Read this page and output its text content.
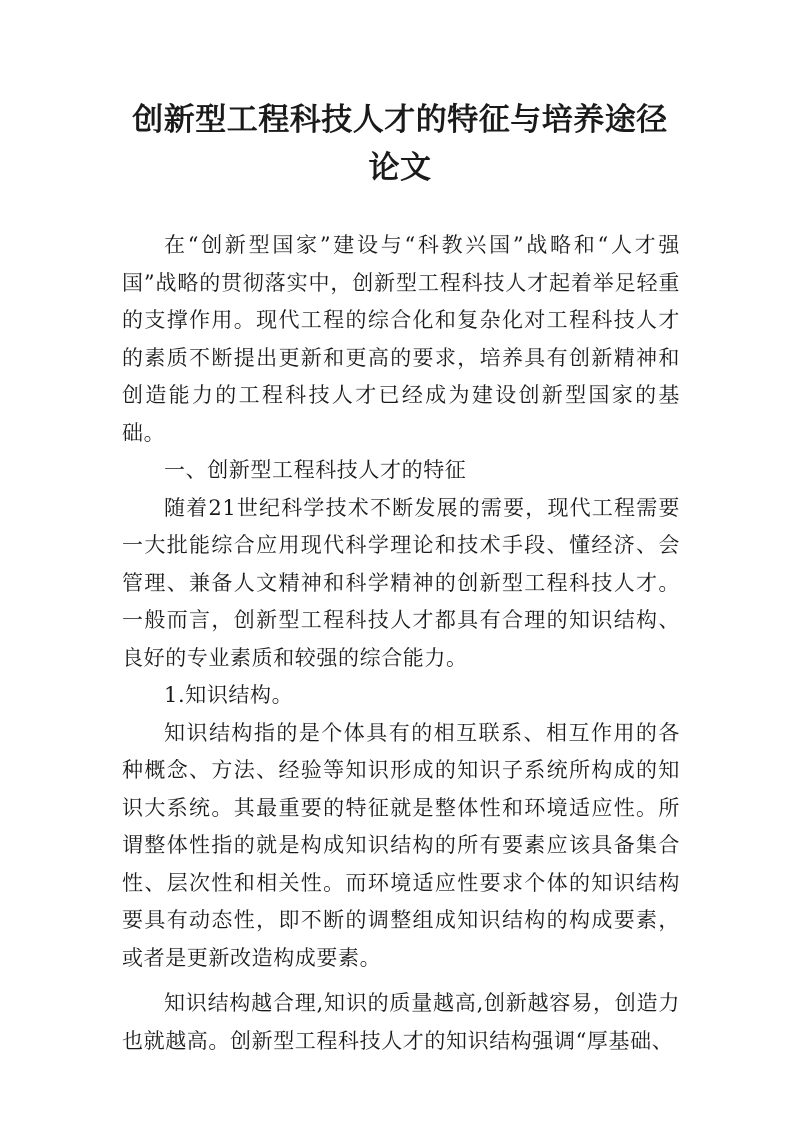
创新型工程科技人才的特征与培养途径论文

在“创新型国家”建设与“科教兴国”战略和“人才强国”战略的贯彻落实中，创新型工程科技人才起着举足轻重的支撑作用。现代工程的综合化和复杂化对工程科技人才的素质不断提出更新和更高的要求，培养具有创新精神和创造能力的工程科技人才已经成为建设创新型国家的基础。

一、创新型工程科技人才的特征

随着21世纪科学技术不断发展的需要，现代工程需要一大批能综合应用现代科学理论和技术手段、懂经济、会管理、兼备人文精神和科学精神的创新型工程科技人才。一般而言，创新型工程科技人才都具有合理的知识结构、良好的专业素质和较强的综合能力。

1.知识结构。

知识结构指的是个体具有的相互联系、相互作用的各种概念、方法、经验等知识形成的知识子系统所构成的知识大系统。其最重要的特征就是整体性和环境适应性。所谓整体性指的就是构成知识结构的所有要素应该具备集合性、层次性和相关性。而环境适应性要求个体的知识结构要具有动态性，即不断的调整组成知识结构的构成要素，或者是更新改造构成要素。

知识结构越合理,知识的质量越高,创新越容易，创造力也就越高。创新型工程科技人才的知识结构强调“厚基础、
